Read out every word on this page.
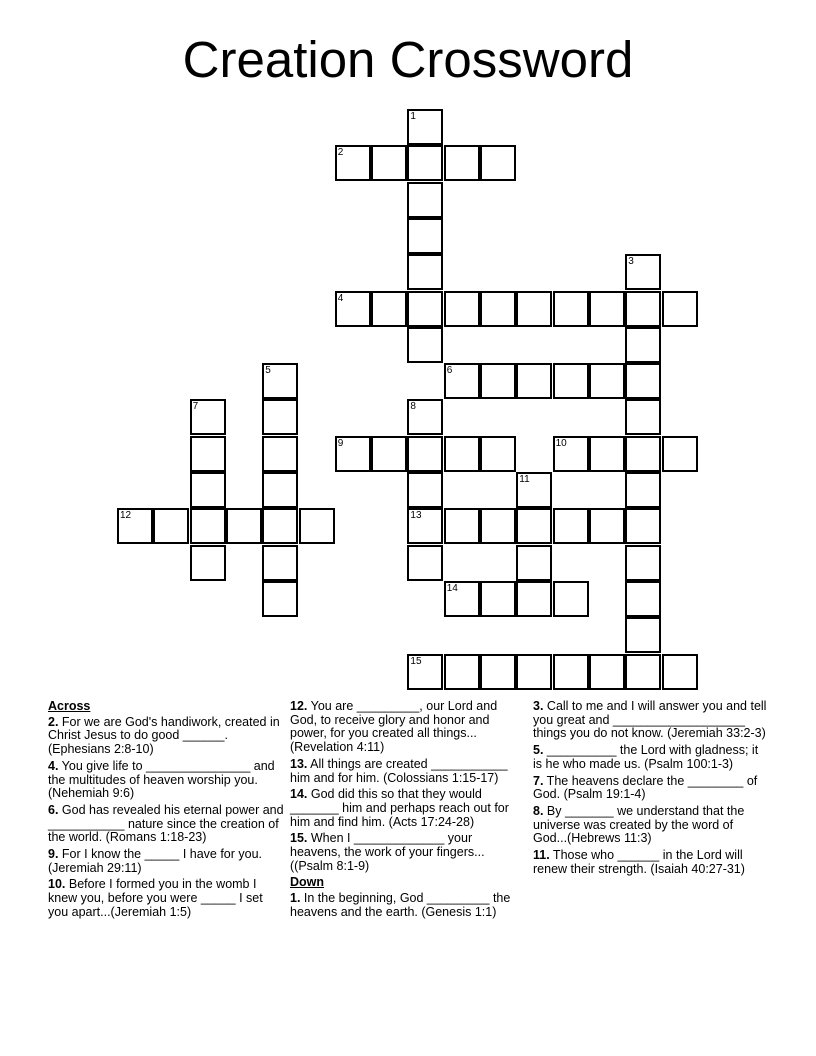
Creation Crossword
1
2
3
4
5	6
7	8
9	10
11
12	13
14
15
Across
2. For we are God's handiwork, created in Christ Jesus to do good ______. (Ephesians 2:8-10)
4. You give life to _______________ and the multitudes of heaven worship you. (Nehemiah 9:6)
6. God has revealed his eternal power and ___________ nature since the creation of the world. (Romans 1:18-23)
9. For I know the _____ I have for you. (Jeremiah 29:11)
10. Before I formed you in the womb I knew you, before you were _____ I set you apart...(Jeremiah 1:5)
12. You are _________, our Lord and God, to receive glory and honor and power, for you created all things...(Revelation 4:11)
13. All things are created ___________ him and for him. (Colossians 1:15-17)
14. God did this so that they would _______ him and perhaps reach out for him and find him. (Acts 17:24-28)
15. When I _____________ your heavens, the work of your fingers...((Psalm 8:1-9)
Down
1. In the beginning, God _________ the heavens and the earth. (Genesis 1:1)
3. Call to me and I will answer you and tell you great and ___________________ things you do not know. (Jeremiah 33:2-3)
5. __________ the Lord with gladness; it is he who made us. (Psalm 100:1-3)
7. The heavens declare the ________ of God. (Psalm 19:1-4)
8. By _______ we understand that the universe was created by the word of God...(Hebrews 11:3)
11. Those who ______ in the Lord will renew their strength. (Isaiah 40:27-31)
